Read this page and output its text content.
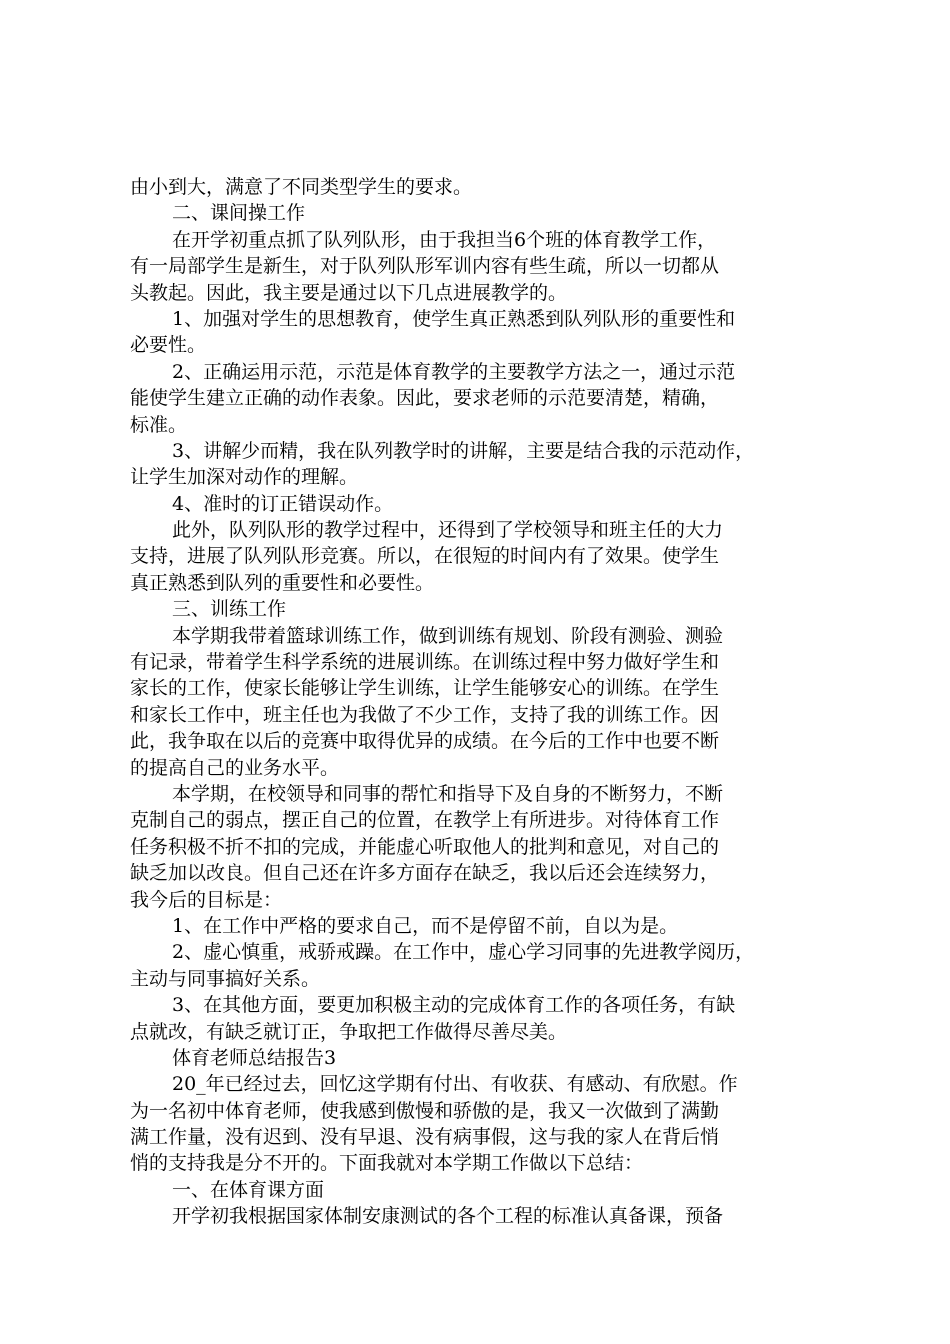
由小到大，满意了不同类型学生的要求。
二、课间操工作
在开学初重点抓了队列队形，由于我担当6个班的体育教学工作，
有一局部学生是新生，对于队列队形军训内容有些生疏，所以一切都从
头教起。因此，我主要是通过以下几点进展教学的。
1、加强对学生的思想教育，使学生真正熟悉到队列队形的重要性和
必要性。
2、正确运用示范，示范是体育教学的主要教学方法之一，通过示范
能使学生建立正确的动作表象。因此，要求老师的示范要清楚，精确，
标准。
3、讲解少而精，我在队列教学时的讲解，主要是结合我的示范动作，
让学生加深对动作的理解。
4、准时的订正错误动作。
此外，队列队形的教学过程中，还得到了学校领导和班主任的大力
支持，进展了队列队形竞赛。所以，在很短的时间内有了效果。使学生
真正熟悉到队列的重要性和必要性。
三、训练工作
本学期我带着篮球训练工作，做到训练有规划、阶段有测验、测验
有记录，带着学生科学系统的进展训练。在训练过程中努力做好学生和
家长的工作，使家长能够让学生训练，让学生能够安心的训练。在学生
和家长工作中，班主任也为我做了不少工作，支持了我的训练工作。因
此，我争取在以后的竞赛中取得优异的成绩。在今后的工作中也要不断
的提高自己的业务水平。
本学期，在校领导和同事的帮忙和指导下及自身的不断努力，不断
克制自己的弱点，摆正自己的位置，在教学上有所进步。对待体育工作
任务积极不折不扣的完成，并能虚心听取他人的批判和意见，对自己的
缺乏加以改良。但自己还在许多方面存在缺乏，我以后还会连续努力，
我今后的目标是：
1、在工作中严格的要求自己，而不是停留不前，自以为是。
2、虚心慎重，戒骄戒躁。在工作中，虚心学习同事的先进教学阅历，
主动与同事搞好关系。
3、在其他方面，要更加积极主动的完成体育工作的各项任务，有缺
点就改，有缺乏就订正，争取把工作做得尽善尽美。
体育老师总结报告3
20_年已经过去，回忆这学期有付出、有收获、有感动、有欣慰。作
为一名初中体育老师，使我感到傲慢和骄傲的是，我又一次做到了满勤
满工作量，没有迟到、没有早退、没有病事假，这与我的家人在背后悄
悄的支持我是分不开的。下面我就对本学期工作做以下总结：
一、在体育课方面
开学初我根据国家体制安康测试的各个工程的标准认真备课，预备
